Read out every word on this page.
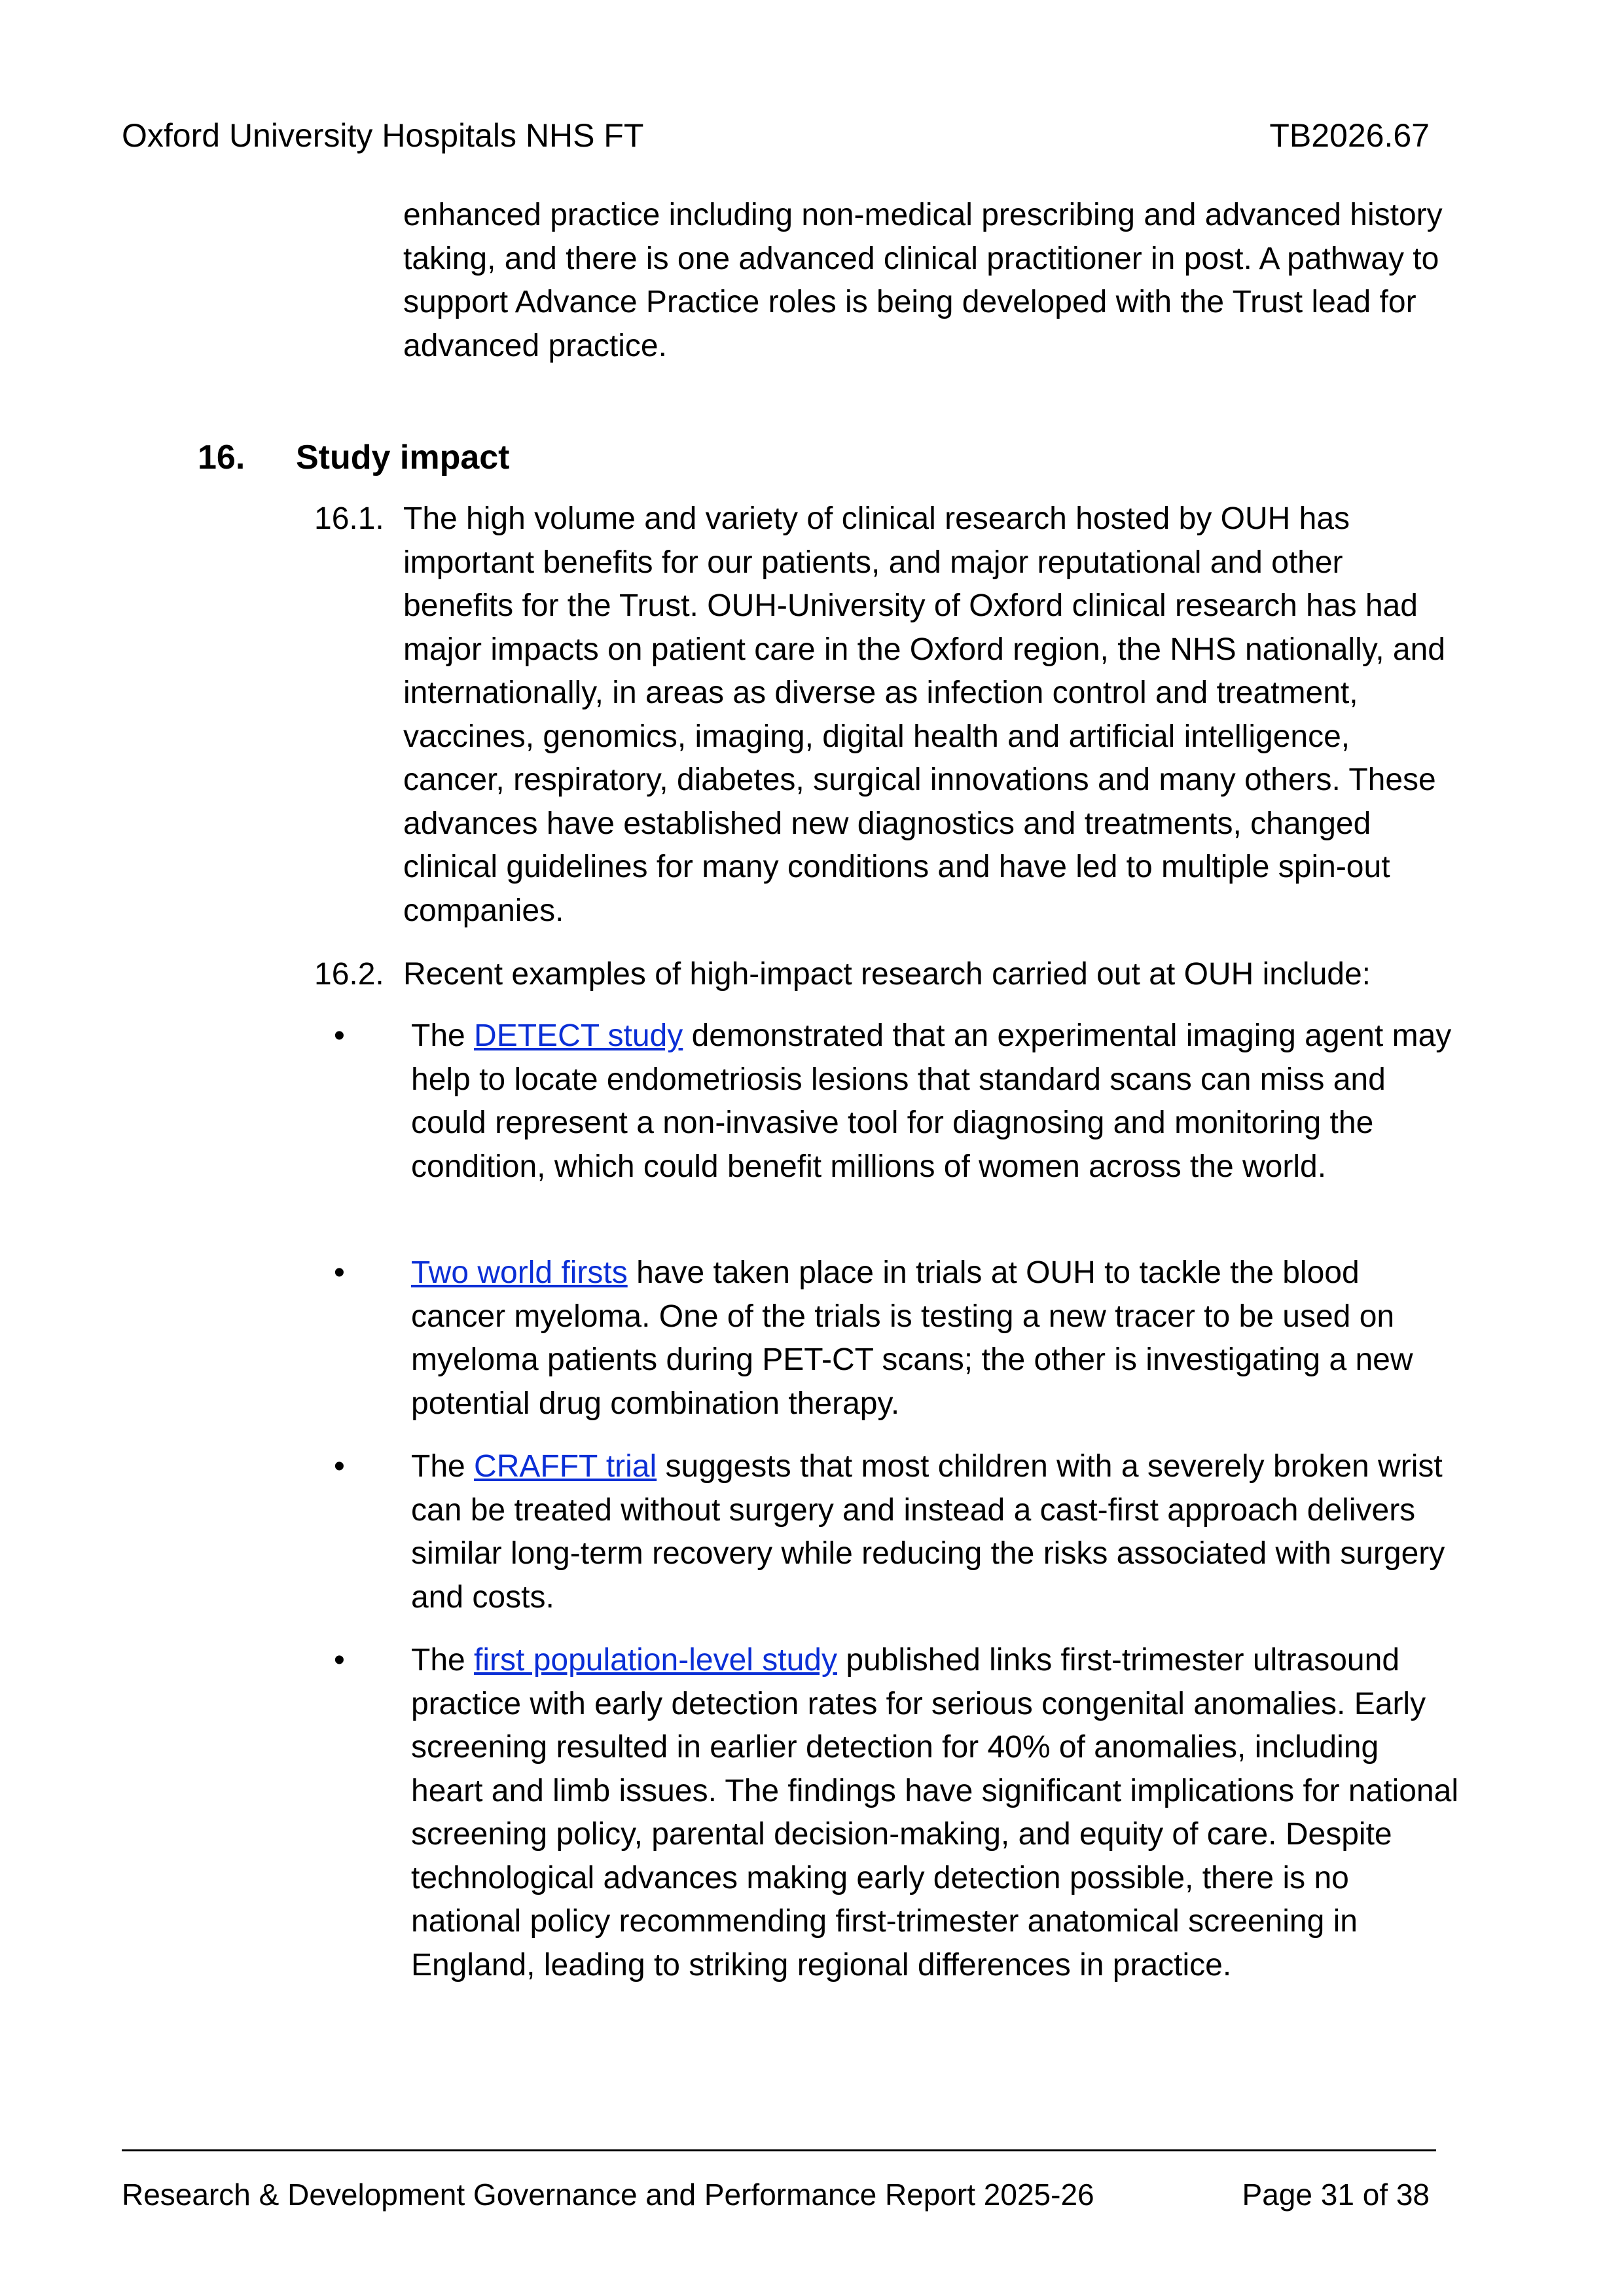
Oxford University Hospitals NHS FT	TB2026.67
enhanced practice including non-medical prescribing and advanced history taking, and there is one advanced clinical practitioner in post. A pathway to support Advance Practice roles is being developed with the Trust lead for advanced practice.
16. Study impact
16.1. The high volume and variety of clinical research hosted by OUH has important benefits for our patients, and major reputational and other benefits for the Trust. OUH-University of Oxford clinical research has had major impacts on patient care in the Oxford region, the NHS nationally, and internationally, in areas as diverse as infection control and treatment, vaccines, genomics, imaging, digital health and artificial intelligence, cancer, respiratory, diabetes, surgical innovations and many others. These advances have established new diagnostics and treatments, changed clinical guidelines for many conditions and have led to multiple spin-out companies.
16.2. Recent examples of high-impact research carried out at OUH include:
• The DETECT study demonstrated that an experimental imaging agent may help to locate endometriosis lesions that standard scans can miss and could represent a non-invasive tool for diagnosing and monitoring the condition, which could benefit millions of women across the world.
• Two world firsts have taken place in trials at OUH to tackle the blood cancer myeloma. One of the trials is testing a new tracer to be used on myeloma patients during PET-CT scans; the other is investigating a new potential drug combination therapy.
• The CRAFFT trial suggests that most children with a severely broken wrist can be treated without surgery and instead a cast-first approach delivers similar long-term recovery while reducing the risks associated with surgery and costs.
• The first population-level study published links first-trimester ultrasound practice with early detection rates for serious congenital anomalies. Early screening resulted in earlier detection for 40% of anomalies, including heart and limb issues. The findings have significant implications for national screening policy, parental decision-making, and equity of care. Despite technological advances making early detection possible, there is no national policy recommending first-trimester anatomical screening in England, leading to striking regional differences in practice.
Research & Development Governance and Performance Report 2025-26	Page 31 of 38
